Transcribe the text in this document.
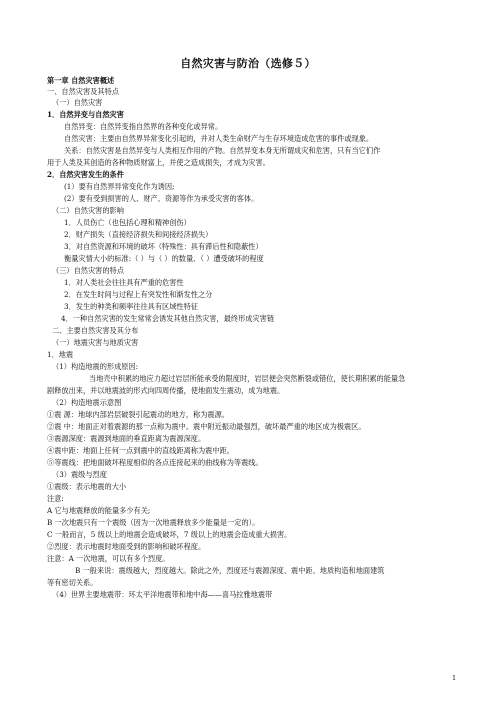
自然灾害与防治（选修５）
第一章 自然灾害概述
一、自然灾害及其特点
（一）自然灾害
1．自然异变与自然灾害
自然异变：自然异变指自然界的各种变化或异常。
自然灾害：主要由自然界异常变化引起的，并对人类生命财产与生存环境造成危害的事件或现象。
关系：自然灾害是自然异变与人类相互作用的产物。自然异变本身无所谓成灾和危害，只有当它们作
用于人类及其创造的各种物质财富上，并使之造成损失，才成为灾害。
2．自然灾害发生的条件
(1）要有自然界异常变化作为诱因;
(2）要有受到损害的人、财产、资源等作为承受灾害的客体。
（二）自然灾害的影响
1．人员伤亡（也包括心理和精神创伤）
2．财产损失（直接经济损失和间接经济损失）
3．对自然资源和环境的破坏（特殊性：具有滞后性和隐蔽性）
衡量灾情大小的标准:（ ）与（ ）的数量、（ ）遭受破坏的程度
（三）自然灾害的特点
1．对人类社会往往具有严重的危害性
2．在发生时间与过程上有突发性和渐发性之分
3．发生的种类和频率往往具有区域性特征
4．一种自然灾害的发生常常会诱发其他自然灾害，最终形成灾害链
二、主要自然灾害及其分布
（一）地震灾害与地质灾害
1．地震
（1）构造地震的形成原因:
当地壳中积累的地应力超过岩层所能承受的限度时，岩层便会突然断裂或错位，使长期积累的能量急
剧释放出来，并以地震波的形式向四周传播，使地面发生震动，成为地震。
（2）构造地震示意图
①震 源：地球内部岩层破裂引起震动的地方，称为震源。
②震 中：地面正对着震源的那一点称为震中。震中附近振动最强烈，破坏最严重的地区成为极震区。
③震源深度：震源到地面的垂直距离为震源深度。
④震中距：地面上任何一点到震中的直线距离称为震中距。
⑤等震线：把地面破坏程度相似的各点连接起来的曲线称为等震线。
（3）震级与烈度
①震级：表示地震的大小
注意:
A 它与地震释放的能量多少有关;
B 一次地震只有一个震级（因为一次地震释放多少能量是一定的）。
C 一般而言，5 级以上的地震会造成破坏，7 级以上的地震会造成重大损害。
②烈度：表示地震时地面受到的影响和破坏程度。
注意：A 一次地震，可以有多个烈度。
B 一般来说：震级越大，烈度越大。除此之外，烈度还与震源深度、震中距、地质构造和地面建筑
等有密切关系。
（4）世界主要地震带：环太平洋地震带和地中海——喜马拉雅地震带
1
